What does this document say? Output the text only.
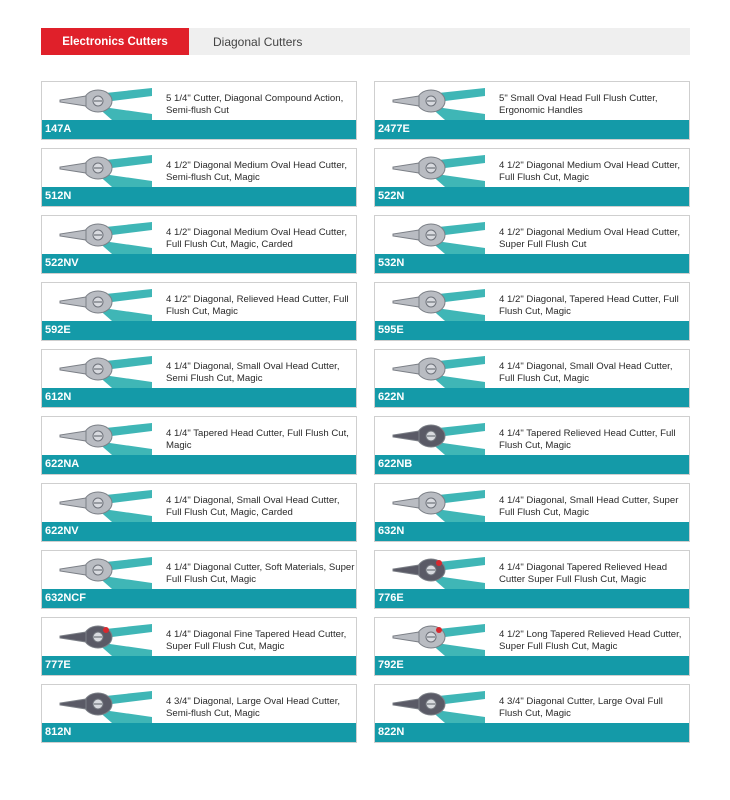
Electronics Cutters	Diagonal Cutters
5 1/4" Cutter, Diagonal Compound Action, Semi-flush Cut
147A
5" Small Oval Head Full Flush Cutter, Ergonomic Handles
2477E
4 1/2" Diagonal Medium Oval Head Cutter, Semi-flush Cut, Magic
512N
4 1/2" Diagonal Medium Oval Head Cutter, Full Flush Cut, Magic
522N
4 1/2" Diagonal Medium Oval Head Cutter, Full Flush Cut, Magic, Carded
522NV
4 1/2" Diagonal Medium Oval Head Cutter, Super Full Flush Cut
532N
4 1/2" Diagonal, Relieved Head Cutter, Full Flush Cut, Magic
592E
4 1/2" Diagonal, Tapered Head Cutter, Full Flush Cut, Magic
595E
4 1/4" Diagonal, Small Oval Head Cutter, Semi Flush Cut, Magic
612N
4 1/4" Diagonal, Small Oval Head Cutter, Full Flush Cut, Magic
622N
4 1/4" Tapered Head Cutter, Full Flush Cut, Magic
622NA
4 1/4" Tapered Relieved Head Cutter, Full Flush Cut, Magic
622NB
4 1/4" Diagonal, Small Oval Head Cutter, Full Flush Cut, Magic, Carded
622NV
4 1/4" Diagonal, Small Head Cutter, Super Full Flush Cut, Magic
632N
4 1/4" Diagonal Cutter, Soft Materials, Super Full Flush Cut, Magic
632NCF
4 1/4" Diagonal Tapered Relieved Head Cutter Super Full Flush Cut, Magic
776E
4 1/4" Diagonal Fine Tapered Head Cutter, Super Full Flush Cut, Magic
777E
4 1/2" Long Tapered Relieved Head Cutter, Super Full Flush Cut, Magic
792E
4 3/4" Diagonal, Large Oval Head Cutter, Semi-flush Cut, Magic
812N
4 3/4" Diagonal Cutter, Large Oval Full Flush Cut, Magic
822N
